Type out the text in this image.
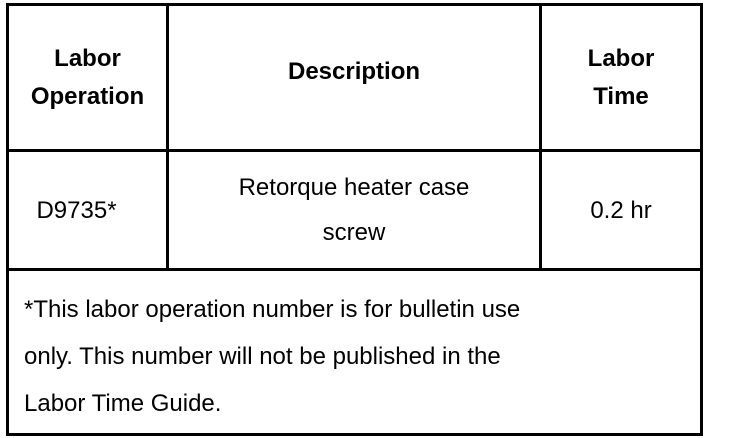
Labor
Operation
Description	Labor
Time
D9735*
Retorque heater case
screw
0.2 hr
*This labor operation number is for bulletin use
only. This number will not be published in the
Labor Time Guide.
